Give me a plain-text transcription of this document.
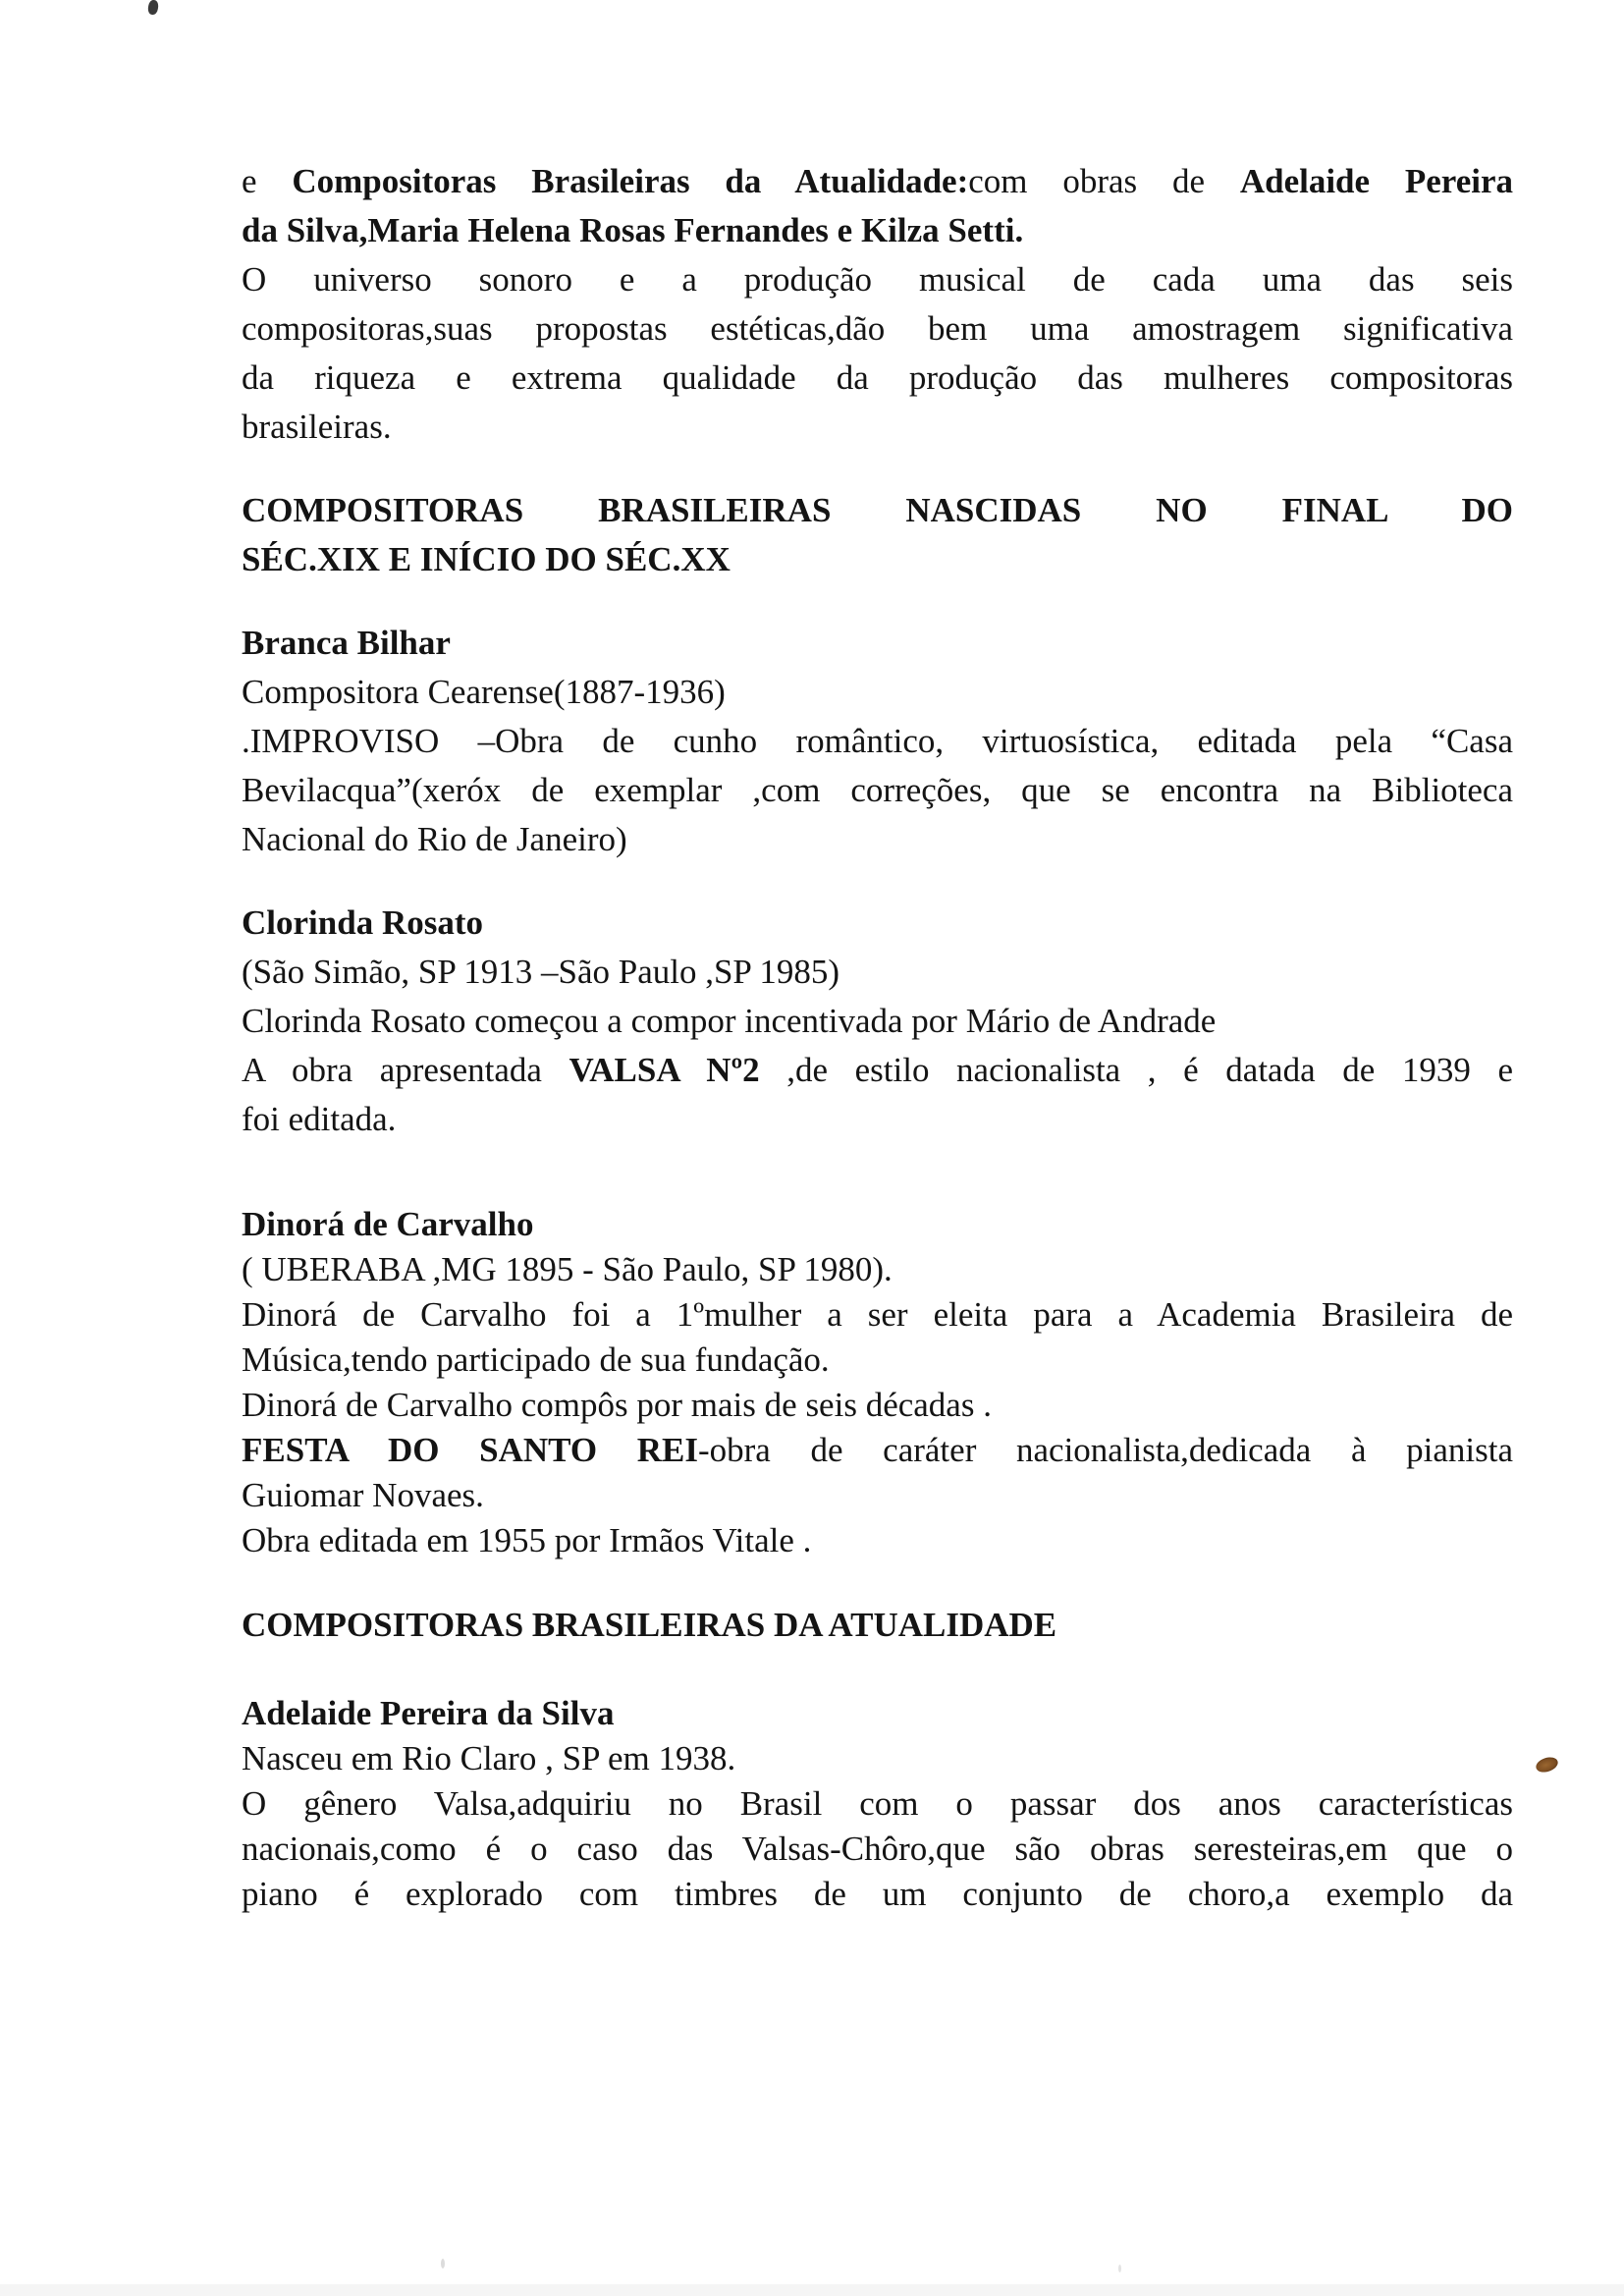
e Compositoras Brasileiras da Atualidade:com obras de Adelaide Pereira
da Silva,Maria Helena Rosas Fernandes e Kilza Setti.
O universo sonoro e a produção musical de cada uma das seis
compositoras,suas propostas estéticas,dão bem uma amostragem significativa
da riqueza e extrema qualidade da produção das mulheres compositoras
brasileiras.
COMPOSITORAS BRASILEIRAS NASCIDAS NO FINAL DO
SÉC.XIX E INÍCIO DO SÉC.XX
Branca Bilhar
Compositora Cearense(1887-1936)
.IMPROVISO –Obra de cunho romântico, virtuosística, editada pela “Casa
Bevilacqua”(xeróx de exemplar ,com correções, que se encontra na Biblioteca
Nacional do Rio de Janeiro)
Clorinda Rosato
(São Simão, SP 1913 –São Paulo ,SP 1985)
Clorinda Rosato começou a compor incentivada por Mário de Andrade
A obra apresentada VALSA Nº2 ,de estilo nacionalista , é datada de 1939 e
foi editada.
Dinorá de Carvalho
( UBERABA ,MG 1895 - São Paulo, SP 1980).
Dinorá de Carvalho foi a 1ºmulher a ser eleita para a Academia Brasileira de
Música,tendo participado de sua fundação.
Dinorá de Carvalho compôs por mais de seis décadas .
FESTA DO SANTO REI-obra de caráter nacionalista,dedicada à pianista
Guiomar Novaes.
Obra editada em 1955 por Irmãos Vitale .
COMPOSITORAS BRASILEIRAS DA ATUALIDADE
Adelaide Pereira da Silva
Nasceu em Rio Claro , SP em 1938.
O gênero Valsa,adquiriu no Brasil com o passar dos anos características
nacionais,como é o caso das Valsas-Chôro,que são obras seresteiras,em que o
piano é explorado com timbres de um conjunto de choro,a exemplo da
